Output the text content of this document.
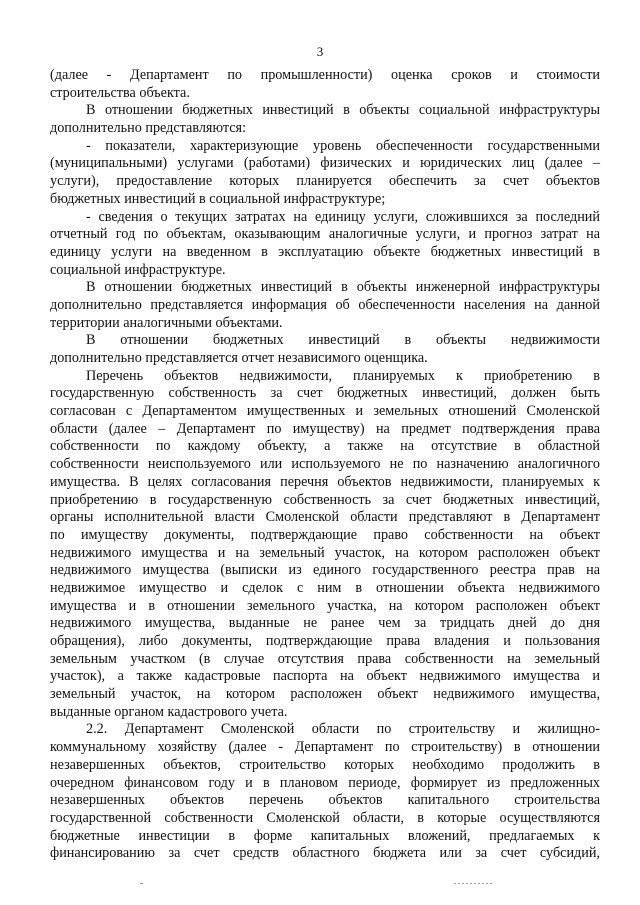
3
(далее - Департамент по промышленности) оценка сроков и стоимости
строительства объекта.
В отношении бюджетных инвестиций в объекты социальной инфраструктуры
дополнительно представляются:
- показатели, характеризующие уровень обеспеченности государственными
(муниципальными) услугами (работами) физических и юридических лиц (далее –
услуги), предоставление которых планируется обеспечить за счет объектов
бюджетных инвестиций в социальной инфраструктуре;
- сведения о текущих затратах на единицу услуги, сложившихся за последний
отчетный год по объектам, оказывающим аналогичные услуги, и прогноз затрат на
единицу услуги на введенном в эксплуатацию объекте бюджетных инвестиций в
социальной инфраструктуре.
В отношении бюджетных инвестиций в объекты инженерной инфраструктуры
дополнительно представляется информация об обеспеченности населения на данной
территории аналогичными объектами.
В отношении бюджетных инвестиций в объекты недвижимости
дополнительно представляется отчет независимого оценщика.
Перечень объектов недвижимости, планируемых к приобретению в
государственную собственность за счет бюджетных инвестиций, должен быть
согласован с Департаментом имущественных и земельных отношений Смоленской
области (далее – Департамент по имуществу) на предмет подтверждения права
собственности по каждому объекту, а также на отсутствие в областной
собственности неиспользуемого или используемого не по назначению аналогичного
имущества. В целях согласования перечня объектов недвижимости, планируемых к
приобретению в государственную собственность за счет бюджетных инвестиций,
органы исполнительной власти Смоленской области представляют в Департамент
по имуществу документы, подтверждающие право собственности на объект
недвижимого имущества и на земельный участок, на котором расположен объект
недвижимого имущества (выписки из единого государственного реестра прав на
недвижимое имущество и сделок с ним в отношении объекта недвижимого
имущества и в отношении земельного участка, на котором расположен объект
недвижимого имущества, выданные не ранее чем за тридцать дней до дня
обращения), либо документы, подтверждающие права владения и пользования
земельным участком (в случае отсутствия права собственности на земельный
участок), а также кадастровые паспорта на объект недвижимого имущества и
земельный участок, на котором расположен объект недвижимого имущества,
выданные органом кадастрового учета.
2.2. Департамент Смоленской области по строительству и жилищно-
коммунальному хозяйству (далее - Департамент по строительству) в отношении
незавершенных объектов, строительство которых необходимо продолжить в
очередном финансовом году и в плановом периоде, формирует из предложенных
незавершенных объектов перечень объектов капитального строительства
государственной собственности Смоленской области, в которые осуществляются
бюджетные инвестиции в форме капитальных вложений, предлагаемых к
финансированию за счет средств областного бюджета или за счет субсидий,
